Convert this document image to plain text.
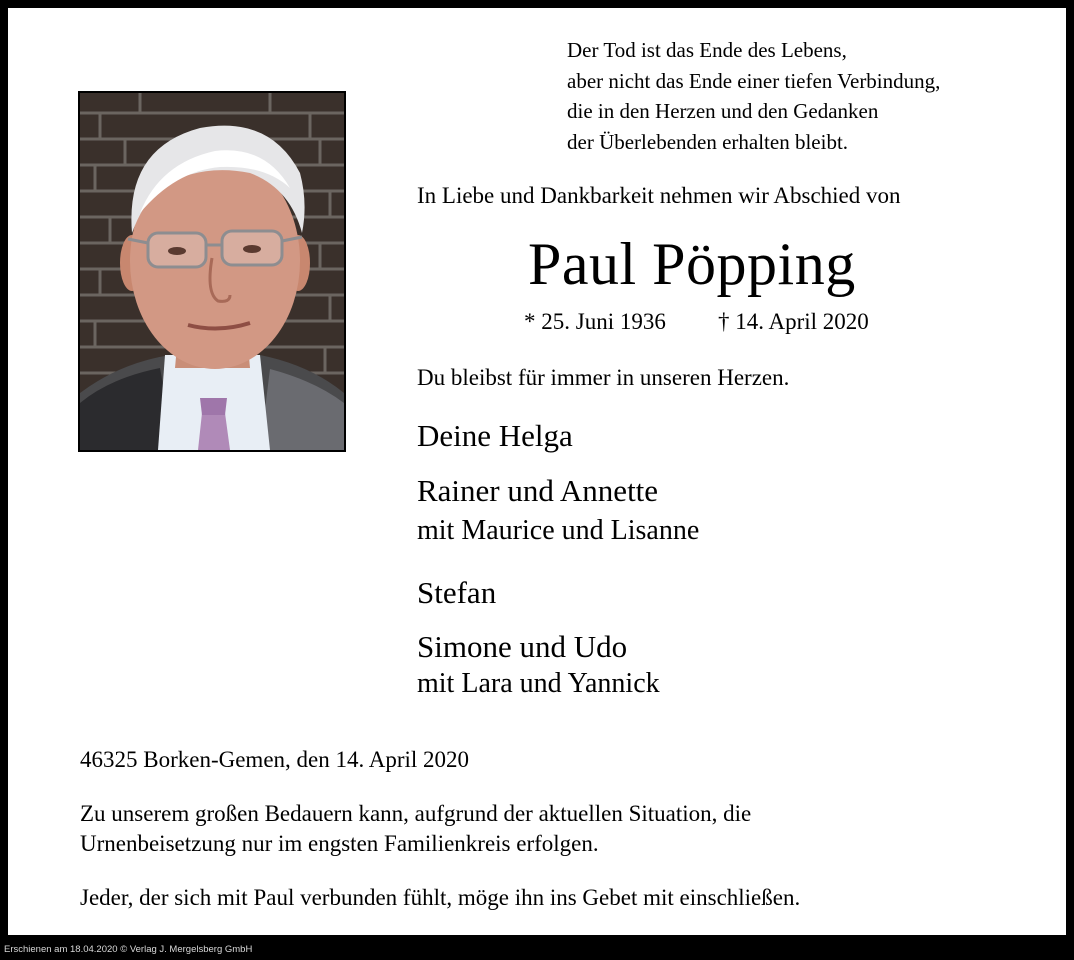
Der Tod ist das Ende des Lebens,
aber nicht das Ende einer tiefen Verbindung,
die in den Herzen und den Gedanken
der Überlebenden erhalten bleibt.
In Liebe und Dankbarkeit nehmen wir Abschied von
Paul Pöpping
* 25. Juni 1936 † 14. April 2020
Du bleibst für immer in unseren Herzen.
Deine Helga
Rainer und Annette
mit Maurice und Lisanne
Stefan
Simone und Udo
mit Lara und Yannick
46325 Borken-Gemen, den 14. April 2020
Zu unserem großen Bedauern kann, aufgrund der aktuellen Situation, die
Urnenbeisetzung nur im engsten Familienkreis erfolgen.
Jeder, der sich mit Paul verbunden fühlt, möge ihn ins Gebet mit einschließen.
Erschienen am 18.04.2020 © Verlag J. Mergelsberg GmbH
